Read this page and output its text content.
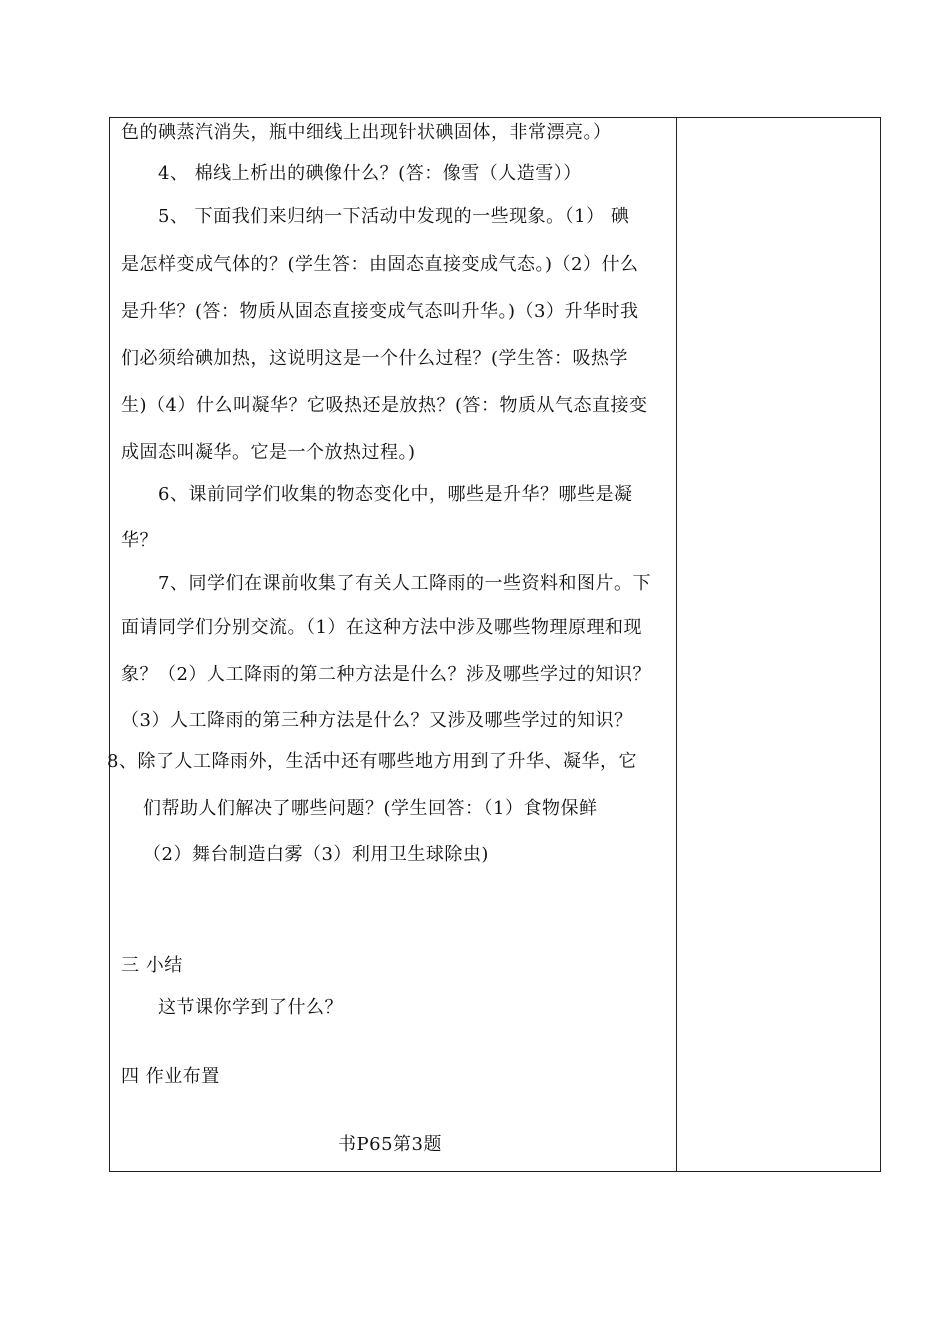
色的碘蒸汽消失，瓶中细线上出现针状碘固体，非常漂亮。）
4、 棉线上析出的碘像什么？(答：像雪（人造雪））
5、 下面我们来归纳一下活动中发现的一些现象。（1） 碘
是怎样变成气体的？(学生答：由固态直接变成气态。)（2）什么
是升华？(答：物质从固态直接变成气态叫升华。)（3）升华时我
们必须给碘加热，这说明这是一个什么过程？(学生答：吸热学
生)（4）什么叫凝华？它吸热还是放热？(答：物质从气态直接变
成固态叫凝华。它是一个放热过程。)
6、课前同学们收集的物态变化中，哪些是升华？哪些是凝
华？
7、同学们在课前收集了有关人工降雨的一些资料和图片。下
面请同学们分别交流。（1）在这种方法中涉及哪些物理原理和现
象？（2）人工降雨的第二种方法是什么？涉及哪些学过的知识？
（3）人工降雨的第三种方法是什么？又涉及哪些学过的知识？
8、除了人工降雨外，生活中还有哪些地方用到了升华、凝华，它
们帮助人们解决了哪些问题？(学生回答：（1）食物保鲜
（2）舞台制造白雾（3）利用卫生球除虫)
三 小结
这节课你学到了什么？
四 作业布置
书P65第3题
